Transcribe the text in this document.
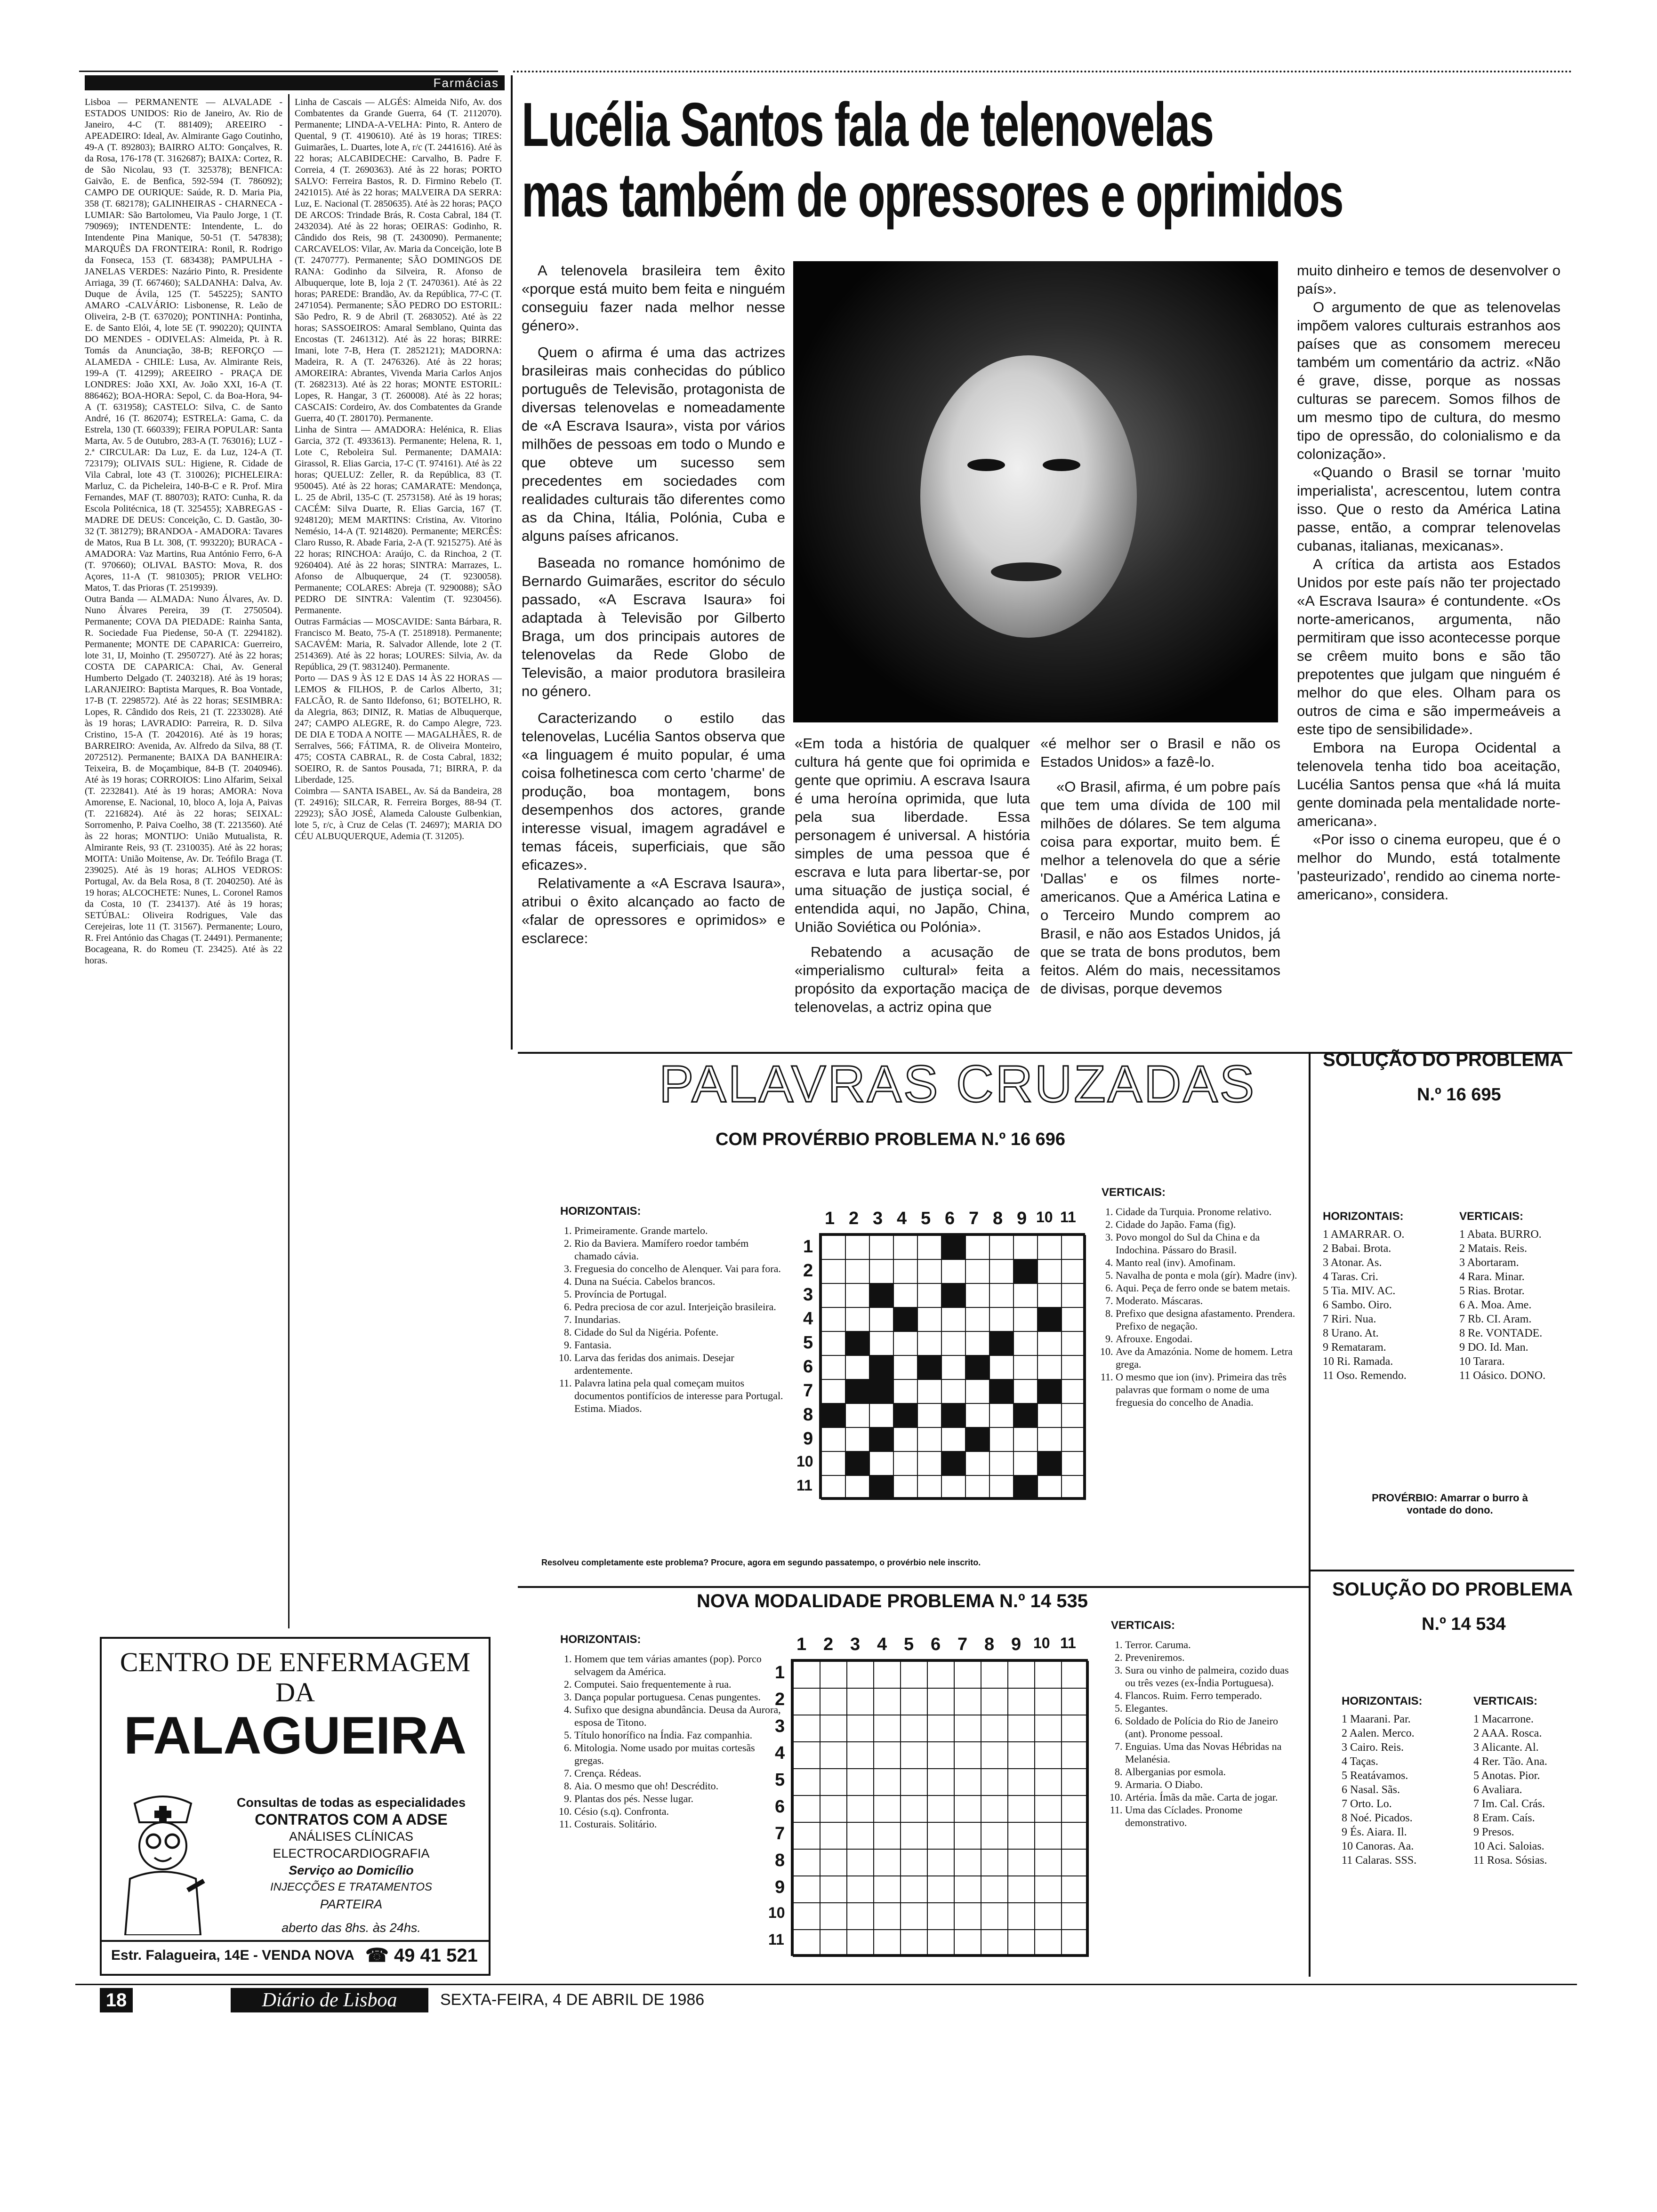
Farmácias

Lisboa — PERMANENTE — ALVALADE - ESTADOS UNIDOS: Rio de Janeiro, Av. Rio de Janeiro, 4-C (T. 881409); AREEIRO -APEADEIRO: Ideal, Av. Almirante Gago Coutinho, 49-A (T. 892803); BAIRRO ALTO: Gonçalves, R. da Rosa, 176-178 (T. 3162687); BAIXA: Cortez, R. de São Nicolau, 93 (T. 325378); BENFICA: Gaivão, E. de Benfica, 592-594 (T. 786092); CAMPO DE OURIQUE: Saúde, R. D. Maria Pia, 358 (T. 682178); GALINHEIRAS - CHARNECA -LUMIAR: São Bartolomeu, Via Paulo Jorge, 1 (T. 790969); INTENDENTE: Intendente, L. do Intendente Pina Manique, 50-51 (T. 547838); MARQUÊS DA FRONTEIRA: Ronil, R. Rodrigo da Fonseca, 153 (T. 683438); PAMPULHA - JANELAS VERDES: Nazário Pinto, R. Presidente Arriaga, 39 (T. 667460); SALDANHA: Dalva, Av. Duque de Ávila, 125 (T. 545225); SANTO AMARO -CALVÁRIO: Lisbonense, R. Leão de Oliveira, 2-B (T. 637020); PONTINHA: Pontinha, E. de Santo Elói, 4, lote 5E (T. 990220); QUINTA DO MENDES - ODIVELAS: Almeida, Pt. à R. Tomás da Anunciação, 38-B; REFORÇO — ALAMEDA - CHILE: Lusa, Av. Almirante Reis, 199-A (T. 41299); AREEIRO - PRAÇA DE LONDRES: João XXI, Av. João XXI, 16-A (T. 886462); BOA-HORA: Sepol, C. da Boa-Hora, 94-A (T. 631958); CASTELO: Silva, C. de Santo André, 16 (T. 862074); ESTRELA: Gama, C. da Estrela, 130 (T. 660339); FEIRA POPULAR: Santa Marta, Av. 5 de Outubro, 283-A (T. 763016); LUZ - 2.ª CIRCULAR: Da Luz, E. da Luz, 124-A (T. 723179); OLIVAIS SUL: Higiene, R. Cidade de Vila Cabral, lote 43 (T. 310026); PICHELEIRA: Marluz, C. da Picheleira, 140-B-C e R. Prof. Mira Fernandes, MAF (T. 880703); RATO: Cunha, R. da Escola Politécnica, 18 (T. 325455); XABREGAS - MADRE DE DEUS: Conceição, C. D. Gastão, 30-32 (T. 381279); BRANDOA - AMADORA: Tavares de Matos, Rua B Lt. 308, (T. 993220); BURACA - AMADORA: Vaz Martins, Rua António Ferro, 6-A (T. 970660); OLIVAL BASTO: Mova, R. dos Açores, 11-A (T. 9810305); PRIOR VELHO: Matos, T. das Prioras (T. 2519939).

Outra Banda — ALMADA: Nuno Álvares, Av. D. Nuno Álvares Pereira, 39 (T. 2750504). Permanente; COVA DA PIEDADE: Rainha Santa, R. Sociedade Fua Piedense, 50-A (T. 2294182). Permanente; MONTE DE CAPARICA: Guerreiro, lote 31, IJ, Moinho (T. 2950727). Até às 22 horas; COSTA DE CAPARICA: Chai, Av. General Humberto Delgado (T. 2403218). Até às 19 horas; LARANJEIRO: Baptista Marques, R. Boa Vontade, 17-B (T. 2298572). Até às 22 horas; SESIMBRA: Lopes, R. Cândido dos Reis, 21 (T. 2233028). Até às 19 horas; LAVRADIO: Parreira, R. D. Silva Cristino, 15-A (T. 2042016). Até às 19 horas; BARREIRO: Avenida, Av. Alfredo da Silva, 88 (T. 2072512). Permanente; BAIXA DA BANHEIRA: Teixeira, B. de Moçambique, 84-B (T. 2040946). Até às 19 horas; CORROIOS: Lino Alfarim, Seixal (T. 2232841). Até às 19 horas; AMORA: Nova Amorense, E. Nacional, 10, bloco A, loja A, Paivas (T. 2216824). Até às 22 horas; SEIXAL: Sorromenho, P. Paiva Coelho, 38 (T. 2213560). Até às 22 horas; MONTIJO: União Mutualista, R. Almirante Reis, 93 (T. 2310035). Até às 22 horas; MOITA: União Moitense, Av. Dr. Teófilo Braga (T. 239025). Até às 19 horas; ALHOS VEDROS: Portugal, Av. da Bela Rosa, 8 (T. 2040250). Até às 19 horas; ALCOCHETE: Nunes, L. Coronel Ramos da Costa, 10 (T. 234137). Até às 19 horas; SETÚBAL: Oliveira Rodrigues, Vale das Cerejeiras, lote 11 (T. 31567). Permanente; Louro, R. Frei António das Chagas (T. 24491). Permanente; Bocageana, R. do Romeu (T. 23425). Até às 22 horas.

Linha de Cascais — ALGÉS: Almeida Nifo, Av. dos Combatentes da Grande Guerra, 64 (T. 2112070). Permanente; LINDA-A-VELHA: Pinto, R. Antero de Quental, 9 (T. 4190610). Até às 19 horas; TIRES: Guimarães, L. Duartes, lote A, r/c (T. 2441616). Até às 22 horas; ALCABIDECHE: Carvalho, B. Padre F. Correia, 4 (T. 2690363). Até às 22 horas; PORTO SALVO: Ferreira Bastos, R. D. Firmino Rebelo (T. 2421015). Até às 22 horas; MALVEIRA DA SERRA: Luz, E. Nacional (T. 2850635). Até às 22 horas; PAÇO DE ARCOS: Trindade Brás, R. Costa Cabral, 184 (T. 2432034). Até às 22 horas; OEIRAS: Godinho, R. Cândido dos Reis, 98 (T. 2430090). Permanente; CARCAVELOS: Vilar, Av. Maria da Conceição, lote B (T. 2470777). Permanente; SÃO DOMINGOS DE RANA: Godinho da Silveira, R. Afonso de Albuquerque, lote B, loja 2 (T. 2470361). Até às 22 horas; PAREDE: Brandão, Av. da República, 77-C (T. 2471054). Permanente; SÃO PEDRO DO ESTORIL: São Pedro, R. 9 de Abril (T. 2683052). Até às 22 horas; SASSOEIROS: Amaral Semblano, Quinta das Encostas (T. 2461312). Até às 22 horas; BIRRE: Imani, lote 7-B, Hera (T. 2852121); MADORNA: Madeira, R. A (T. 2476326). Até às 22 horas; AMOREIRA: Abrantes, Vivenda Maria Carlos Anjos (T. 2682313). Até às 22 horas; MONTE ESTORIL: Lopes, R. Hangar, 3 (T. 260008). Até às 22 horas; CASCAIS: Cordeiro, Av. dos Combatentes da Grande Guerra, 40 (T. 280170). Permanente.

Linha de Sintra — AMADORA: Helénica, R. Elias Garcia, 372 (T. 4933613). Permanente; Helena, R. 1, Lote C, Reboleira Sul. Permanente; DAMAIA: Girassol, R. Elias Garcia, 17-C (T. 974161). Até às 22 horas; QUELUZ: Zeller, R. da República, 83 (T. 950045). Até às 22 horas; CAMARATE: Mendonça, L. 25 de Abril, 135-C (T. 2573158). Até às 19 horas; CACÉM: Silva Duarte, R. Elias Garcia, 167 (T. 9248120); MEM MARTINS: Cristina, Av. Vitorino Nemésio, 14-A (T. 9214820). Permanente; MERCÊS: Claro Russo, R. Abade Faria, 2-A (T. 9215275). Até às 22 horas; RINCHOA: Araújo, C. da Rinchoa, 2 (T. 9260404). Até às 22 horas; SINTRA: Marrazes, L. Afonso de Albuquerque, 24 (T. 9230058). Permanente; COLARES: Abreja (T. 9290088); SÃO PEDRO DE SINTRA: Valentim (T. 9230456). Permanente.

Outras Farmácias — MOSCAVIDE: Santa Bárbara, R. Francisco M. Beato, 75-A (T. 2518918). Permanente; SACAVÉM: Maria, R. Salvador Allende, lote 2 (T. 2514369). Até às 22 horas; LOURES: Silvia, Av. da República, 29 (T. 9831240). Permanente.

Porto — DAS 9 ÀS 12 E DAS 14 ÀS 22 HORAS — LEMOS & FILHOS, P. de Carlos Alberto, 31; FALCÃO, R. de Santo Ildefonso, 61; BOTELHO, R. da Alegria, 863; DINIZ, R. Matias de Albuquerque, 247; CAMPO ALEGRE, R. do Campo Alegre, 723. DE DIA E TODA A NOITE — MAGALHÃES, R. de Serralves, 566; FÁTIMA, R. de Oliveira Monteiro, 475; COSTA CABRAL, R. de Costa Cabral, 1832; SOEIRO, R. de Santos Pousada, 71; BIRRA, P. da Liberdade, 125.

Coimbra — SANTA ISABEL, Av. Sá da Bandeira, 28 (T. 24916); SILCAR, R. Ferreira Borges, 88-94 (T. 22923); SÃO JOSÉ, Alameda Calouste Gulbenkian, lote 5, r/c, à Cruz de Celas (T. 24697); MARIA DO CÉU ALBUQUERQUE, Ademia (T. 31205).

CENTRO DE ENFERMAGEM
DA
FALAGUEIRA
Consultas de todas as especialidades
CONTRATOS COM A ADSE
ANÁLISES CLÍNICAS
ELECTROCARDIOGRAFIA
Serviço ao Domicílio
INJECÇÕES E TRATAMENTOS
PARTEIRA
aberto das 8hs. às 24hs.
Estr. Falagueira, 14E - VENDA NOVA ☎ 49 41 521
Lucélia Santos fala de telenovelas
mas também de opressores e oprimidos

A telenovela brasileira tem êxito «porque está muito bem feita e ninguém conseguiu fazer nada melhor nesse género».

Quem o afirma é uma das actrizes brasileiras mais conhecidas do público português de Televisão, protagonista de diversas telenovelas e nomeadamente de «A Escrava Isaura», vista por vários milhões de pessoas em todo o Mundo e que obteve um sucesso sem precedentes em sociedades com realidades culturais tão diferentes como as da China, Itália, Polónia, Cuba e alguns países africanos.

Baseada no romance homónimo de Bernardo Guimarães, escritor do século passado, «A Escrava Isaura» foi adaptada à Televisão por Gilberto Braga, um dos principais autores de telenovelas da Rede Globo de Televisão, a maior produtora brasileira no género.

Caracterizando o estilo das telenovelas, Lucélia Santos observa que «a linguagem é muito popular, é uma coisa folhetinesca com certo 'charme' de produção, boa montagem, bons desempenhos dos actores, grande interesse visual, imagem agradável e temas fáceis, superficiais, que são eficazes».

Relativamente a «A Escrava Isaura», atribui o êxito alcançado ao facto de «falar de opressores e oprimidos» e esclarece:

«Em toda a história de qualquer cultura há gente que foi oprimida e gente que oprimiu. A escrava Isaura é uma heroína oprimida, que luta pela sua liberdade. Essa personagem é universal. A história simples de uma pessoa que é escrava e luta para libertar-se, por uma situação de justiça social, é entendida aqui, no Japão, China, União Soviética ou Polónia».

Rebatendo a acusação de «imperialismo cultural» feita a propósito da exportação maciça de telenovelas, a actriz opina que

«é melhor ser o Brasil e não os Estados Unidos» a fazê-lo.

«O Brasil, afirma, é um pobre país que tem uma dívida de 100 mil milhões de dólares. Se tem alguma coisa para exportar, muito bem. É melhor a telenovela do que a série 'Dallas' e os filmes norte-americanos. Que a América Latina e o Terceiro Mundo comprem ao Brasil, e não aos Estados Unidos, já que se trata de bons produtos, bem feitos. Além do mais, necessitamos de divisas, porque devemos

muito dinheiro e temos de desenvolver o país».

O argumento de que as telenovelas impõem valores culturais estranhos aos países que as consomem mereceu também um comentário da actriz. «Não é grave, disse, porque as nossas culturas se parecem. Somos filhos de um mesmo tipo de cultura, do mesmo tipo de opressão, do colonialismo e da colonização».

«Quando o Brasil se tornar 'muito imperialista', acrescentou, lutem contra isso. Que o resto da América Latina passe, então, a comprar telenovelas cubanas, italianas, mexicanas».

A crítica da artista aos Estados Unidos por este país não ter projectado «A Escrava Isaura» é contundente. «Os norte-americanos, argumenta, não permitiram que isso acontecesse porque se crêem muito bons e são tão prepotentes que julgam que ninguém é melhor do que eles. Olham para os outros de cima e são impermeáveis a este tipo de sensibilidade».

Embora na Europa Ocidental a telenovela tenha tido boa aceitação, Lucélia Santos pensa que «há lá muita gente dominada pela mentalidade norte-americana».

«Por isso o cinema europeu, que é o melhor do Mundo, está totalmente 'pasteurizado', rendido ao cinema norte-americano», considera.

PALAVRAS CRUZADAS
COM PROVÉRBIO PROBLEMA N.º 16 696
HORIZONTAIS:
1. Primeiramente. Grande martelo.
2. Rio da Baviera. Mamífero roedor também chamado cávia.
3. Freguesia do concelho de Alenquer. Vai para fora.
4. Duna na Suécia. Cabelos brancos.
5. Província de Portugal.
6. Pedra preciosa de cor azul. Interjeição brasileira.
7. Inundarias.
8. Cidade do Sul da Nigéria. Pofente.
9. Fantasia.
10. Larva das feridas dos animais. Desejar ardentemente.
11. Palavra latina pela qual começam muitos documentos pontifícios de interesse para Portugal. Estima. Miados.
1 2 3 4 5 6 7 8 9 10 11
1
2
3
4
5
6
7
8
9
10
11
VERTICAIS:
1. Cidade da Turquia. Pronome relativo.
2. Cidade do Japão. Fama (fig).
3. Povo mongol do Sul da China e da Indochina. Pássaro do Brasil.
4. Manto real (inv). Amofinam.
5. Navalha de ponta e mola (gír). Madre (inv).
6. Aqui. Peça de ferro onde se batem metais.
7. Moderato. Máscaras.
8. Prefixo que designa afastamento. Prendera. Prefixo de negação.
9. Afrouxe. Engodai.
10. Ave da Amazónia. Nome de homem. Letra grega.
11. O mesmo que ion (inv). Primeira das três palavras que formam o nome de uma freguesia do concelho de Anadia.
Resolveu completamente este problema? Procure, agora em segundo passatempo, o provérbio nele inscrito.
SOLUÇÃO DO PROBLEMA
N.º 16 695
HORIZONTAIS:
1 AMARRAR. O.
2 Babai. Brota.
3 Atonar. As.
4 Taras. Cri.
5 Tia. MIV. AC.
6 Sambo. Oiro.
7 Riri. Nua.
8 Urano. At.
9 Remataram.
10 Ri. Ramada.
11 Oso. Remendo.
VERTICAIS:
1 Abata. BURRO.
2 Matais. Reis.
3 Abortaram.
4 Rara. Minar.
5 Rias. Brotar.
6 A. Moa. Ame.
7 Rb. CI. Aram.
8 Re. VONTADE.
9 DO. Id. Man.
10 Tarara.
11 Oásico. DONO.
PROVÉRBIO: Amarrar o burro à vontade do dono.
NOVA MODALIDADE PROBLEMA N.º 14 535
HORIZONTAIS:
1. Homem que tem várias amantes (pop). Porco selvagem da América.
2. Computei. Saio frequentemente à rua.
3. Dança popular portuguesa. Cenas pungentes.
4. Sufixo que designa abundância. Deusa da Aurora, esposa de Titono.
5. Título honorífico na Índia. Faz companhia.
6. Mitologia. Nome usado por muitas cortesãs gregas.
7. Crença. Rédeas.
8. Aia. O mesmo que oh! Descrédito.
9. Plantas dos pés. Nesse lugar.
10. Césio (s.q). Confronta.
11. Costurais. Solitário.
1 2 3 4 5 6 7 8 9 10 11
1
2
3
4
5
6
7
8
9
10
11
VERTICAIS:
1. Terror. Caruma.
2. Preveniremos.
3. Sura ou vinho de palmeira, cozido duas ou três vezes (ex-Índia Portuguesa).
4. Flancos. Ruim. Ferro temperado.
5. Elegantes.
6. Soldado de Polícia do Rio de Janeiro (ant). Pronome pessoal.
7. Enguias. Uma das Novas Hébridas na Melanésia.
8. Alberganias por esmola.
9. Armaria. O Diabo.
10. Artéria. Ímãs da mãe. Carta de jogar.
11. Uma das Cíclades. Pronome demonstrativo.
SOLUÇÃO DO PROBLEMA
N.º 14 534
HORIZONTAIS:
1 Maarani. Par.
2 Aalen. Merco.
3 Cairo. Reis.
4 Taças.
5 Reatávamos.
6 Nasal. Sãs.
7 Orto. Lo.
8 Noé. Picados.
9 És. Aiara. Il.
10 Canoras. Aa.
11 Calaras. SSS.
VERTICAIS:
1 Macarrone.
2 AAA. Rosca.
3 Alicante. Al.
4 Rer. Tão. Ana.
5 Anotas. Pior.
6 Avaliara.
7 Im. Cal. Crás.
8 Eram. Caís.
9 Presos.
10 Aci. Saloias.
11 Rosa. Sósias.
18	Diário de Lisboa	SEXTA-FEIRA, 4 DE ABRIL DE 1986
